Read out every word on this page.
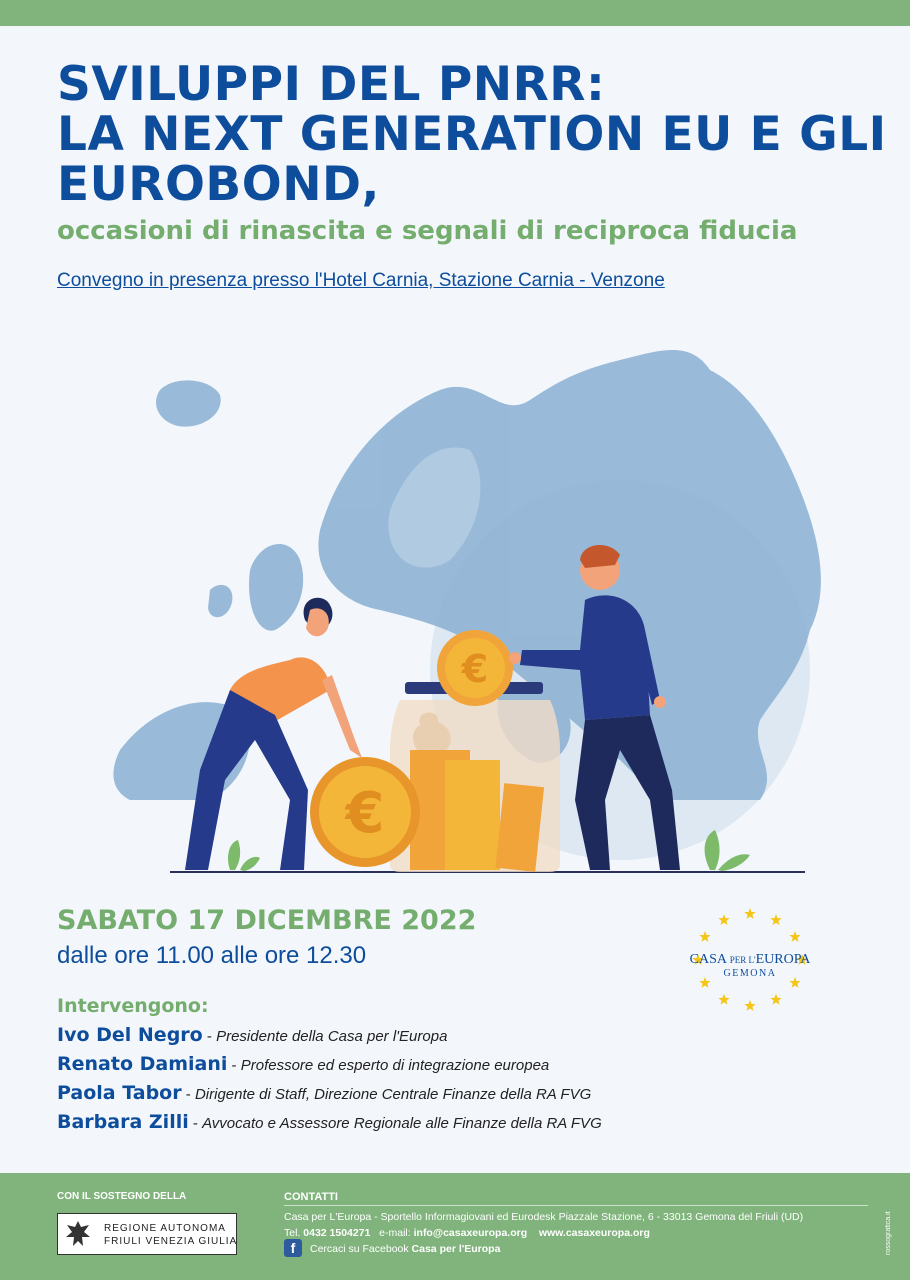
SVILUPPI DEL PNRR:
LA NEXT GENERATION EU E GLI
EUROBOND,
occasioni di rinascita e segnali di reciproca fiducia
Convegno in presenza presso l'Hotel Carnia, Stazione Carnia - Venzone
€
€
SABATO 17 DICEMBRE 2022
dalle ore 11.00 alle ore 12.30
Intervengono:
Ivo Del Negro - Presidente della Casa per l'Europa
Renato Damiani - Professore ed esperto di integrazione europea
Paola Tabor - Dirigente di Staff, Direzione Centrale Finanze della RA FVG
Barbara Zilli - Avvocato e Assessore Regionale alle Finanze della RA FVG
CASA PER L'EUROPA
GEMONA
CON IL SOSTEGNO DELLA
REGIONE AUTONOMA
FRIULI VENEZIA GIULIA
CONTATTI
Casa per L'Europa - Sportello Informagiovani ed Eurodesk Piazzale Stazione, 6 - 33013 Gemona del Friuli (UD)
Tel. 0432 1504271   e-mail: info@casaxeuropa.org www.casaxeuropa.org
f	Cercaci su Facebook Casa per l'Europa	rossografica.it
